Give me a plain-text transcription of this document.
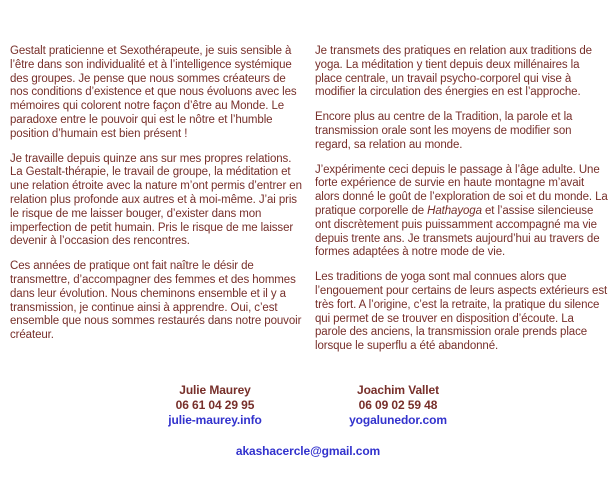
Gestalt praticienne et Sexothérapeute, je suis sensible à l’être dans son individualité et à l’intelligence systémique des groupes. Je pense que nous sommes créateurs de nos conditions d’existence et que nous évoluons avec les mémoires qui colorent notre façon d’être au Monde. Le paradoxe entre le pouvoir qui est le nôtre et l’humble position d’humain est bien présent !

Je travaille depuis quinze ans sur mes propres relations. La Gestalt-thérapie, le travail de groupe, la méditation et une relation étroite avec la nature m’ont permis d’entrer en relation plus profonde aux autres et à moi-même. J’ai pris le risque de me laisser bouger, d’exister dans mon imperfection de petit humain. Pris le risque de me laisser devenir à l’occasion des rencontres.

Ces années de pratique ont fait naître le désir de transmettre, d’accompagner des femmes et des hommes dans leur évolution. Nous cheminons ensemble et il y a transmission, je continue ainsi à apprendre. Oui, c’est ensemble que nous sommes restaurés dans notre pouvoir créateur.

Je transmets des pratiques en relation aux traditions de yoga. La méditation y tient depuis deux millénaires la place centrale, un travail psycho-corporel qui vise à modifier la circulation des énergies en est l’approche.

Encore plus au centre de la Tradition, la parole et la transmission orale sont les moyens de modifier son regard, sa relation au monde.

J’expérimente ceci depuis le passage à l’âge adulte. Une forte expérience de survie en haute montagne m’avait alors donné le goût de l’exploration de soi et du monde. La pratique corporelle de Hathayoga et l’assise silencieuse ont discrètement puis puissamment accompagné ma vie depuis trente ans. Je transmets aujourd’hui au travers de formes adaptées à notre mode de vie.

Les traditions de yoga sont mal connues alors que l’engouement pour certains de leurs aspects extérieurs est très fort. A l’origine, c’est la retraite, la pratique du silence qui permet de se trouver en disposition d’écoute. La parole des anciens, la transmission orale prends place lorsque le superflu a été abandonné.

Julie Maurey
06 61 04 29 95
julie-maurey.info
Joachim Vallet
06 09 02 59 48
yogalunedor.com
akashacercle@gmail.com
